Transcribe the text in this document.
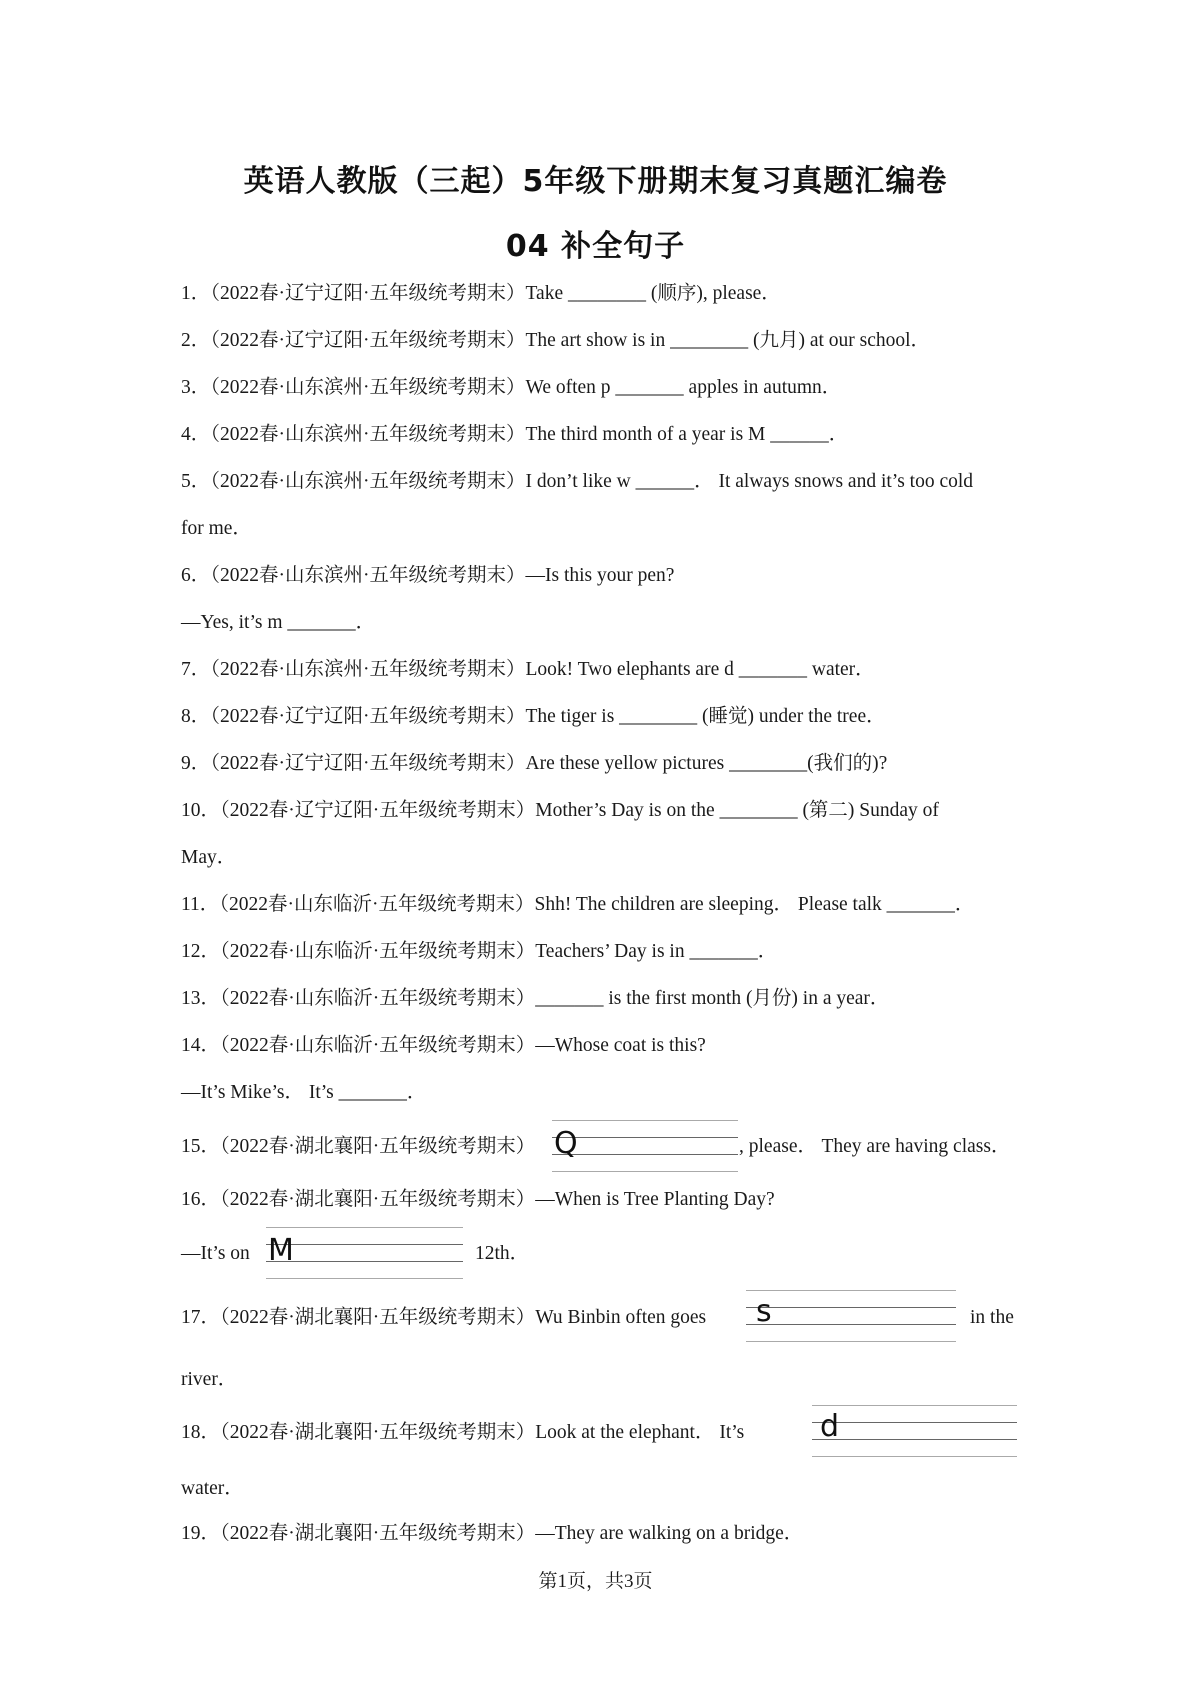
英语人教版（三起）5年级下册期末复习真题汇编卷
04 补全句子
1．（2022春·辽宁辽阳·五年级统考期末）Take ________ (顺序), please．
2．（2022春·辽宁辽阳·五年级统考期末）The art show is in ________ (九月) at our school．
3．（2022春·山东滨州·五年级统考期末）We often p _______ apples in autumn．
4．（2022春·山东滨州·五年级统考期末）The third month of a year is M ______．
5．（2022春·山东滨州·五年级统考期末）I don’t like w ______． It always snows and it’s too cold
for me．
6．（2022春·山东滨州·五年级统考期末）—Is this your pen?
—Yes, it’s m _______．
7．（2022春·山东滨州·五年级统考期末）Look! Two elephants are d _______ water．
8．（2022春·辽宁辽阳·五年级统考期末）The tiger is ________ (睡觉) under the tree．
9．（2022春·辽宁辽阳·五年级统考期末）Are these yellow pictures ________(我们的)?
10．（2022春·辽宁辽阳·五年级统考期末）Mother’s Day is on the ________ (第二) Sunday of
May．
11．（2022春·山东临沂·五年级统考期末）Shh! The children are sleeping． Please talk _______．
12．（2022春·山东临沂·五年级统考期末）Teachers’ Day is in _______．
13．（2022春·山东临沂·五年级统考期末）_______ is the first month (月份) in a year．
14．（2022春·山东临沂·五年级统考期末）—Whose coat is this?
—It’s Mike’s． It’s _______．
15．（2022春·湖北襄阳·五年级统考期末） Q	, please． They are having class．
16．（2022春·湖北襄阳·五年级统考期末）—When is Tree Planting Day?
—It’s on M	12th．
17．（2022春·湖北襄阳·五年级统考期末）Wu Binbin often goes s	in the
river．
18．（2022春·湖北襄阳·五年级统考期末）Look at the elephant． It’s	d
water．
19．（2022春·湖北襄阳·五年级统考期末）—They are walking on a bridge．
第1页，共3页
